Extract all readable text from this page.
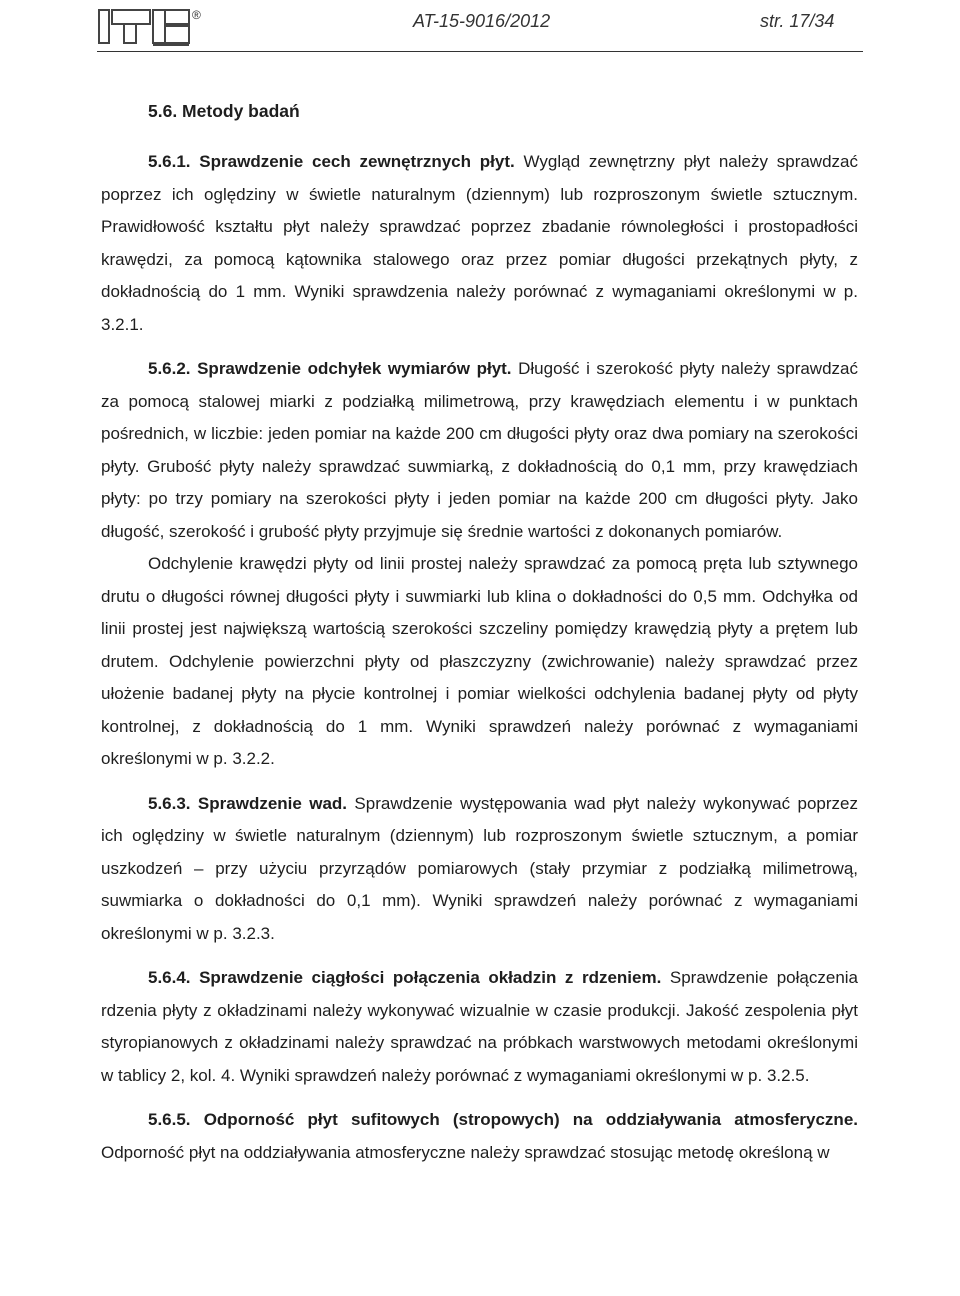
®	AT-15-9016/2012	str. 17/34
5.6. Metody badań

5.6.1. Sprawdzenie cech zewnętrznych płyt. Wygląd zewnętrzny płyt należy sprawdzać poprzez ich oględziny w świetle naturalnym (dziennym) lub rozproszonym świetle sztucznym. Prawidłowość kształtu płyt należy sprawdzać poprzez zbadanie równoległości i prostopadłości krawędzi, za pomocą kątownika stalowego oraz przez pomiar długości przekątnych płyty, z dokładnością do 1 mm. Wyniki sprawdzenia należy porównać z wymaganiami określonymi w p. 3.2.1.

5.6.2. Sprawdzenie odchyłek wymiarów płyt. Długość i szerokość płyty należy sprawdzać za pomocą stalowej miarki z podziałką milimetrową, przy krawędziach elementu i w punktach pośrednich, w liczbie: jeden pomiar na każde 200 cm długości płyty oraz dwa pomiary na szerokości płyty. Grubość płyty należy sprawdzać suwmiarką, z dokładnością do 0,1 mm, przy krawędziach płyty: po trzy pomiary na szerokości płyty i jeden pomiar na każde 200 cm długości płyty. Jako długość, szerokość i grubość płyty przyjmuje się średnie wartości z dokonanych pomiarów.

Odchylenie krawędzi płyty od linii prostej należy sprawdzać za pomocą pręta lub sztywnego drutu o długości równej długości płyty i suwmiarki lub klina o dokładności do 0,5 mm. Odchyłka od linii prostej jest największą wartością szerokości szczeliny pomiędzy krawędzią płyty a prętem lub drutem. Odchylenie powierzchni płyty od płaszczyzny (zwichrowanie) należy sprawdzać przez ułożenie badanej płyty na płycie kontrolnej i pomiar wielkości odchylenia badanej płyty od płyty kontrolnej, z dokładnością do 1 mm. Wyniki sprawdzeń należy porównać z wymaganiami określonymi w p. 3.2.2.

5.6.3. Sprawdzenie wad. Sprawdzenie występowania wad płyt należy wykonywać poprzez ich oględziny w świetle naturalnym (dziennym) lub rozproszonym świetle sztucznym, a pomiar uszkodzeń – przy użyciu przyrządów pomiarowych (stały przymiar z podziałką milimetrową, suwmiarka o dokładności do 0,1 mm). Wyniki sprawdzeń należy porównać z wymaganiami określonymi w p. 3.2.3.

5.6.4. Sprawdzenie ciągłości połączenia okładzin z rdzeniem. Sprawdzenie połączenia rdzenia płyty z okładzinami należy wykonywać wizualnie w czasie produkcji. Jakość zespolenia płyt styropianowych z okładzinami należy sprawdzać na próbkach warstwowych metodami określonymi w tablicy 2, kol. 4. Wyniki sprawdzeń należy porównać z wymaganiami określonymi w p. 3.2.5.

5.6.5. Odporność płyt sufitowych (stropowych) na oddziaływania atmosferyczne. Odporność płyt na oddziaływania atmosferyczne należy sprawdzać stosując metodę określoną w
